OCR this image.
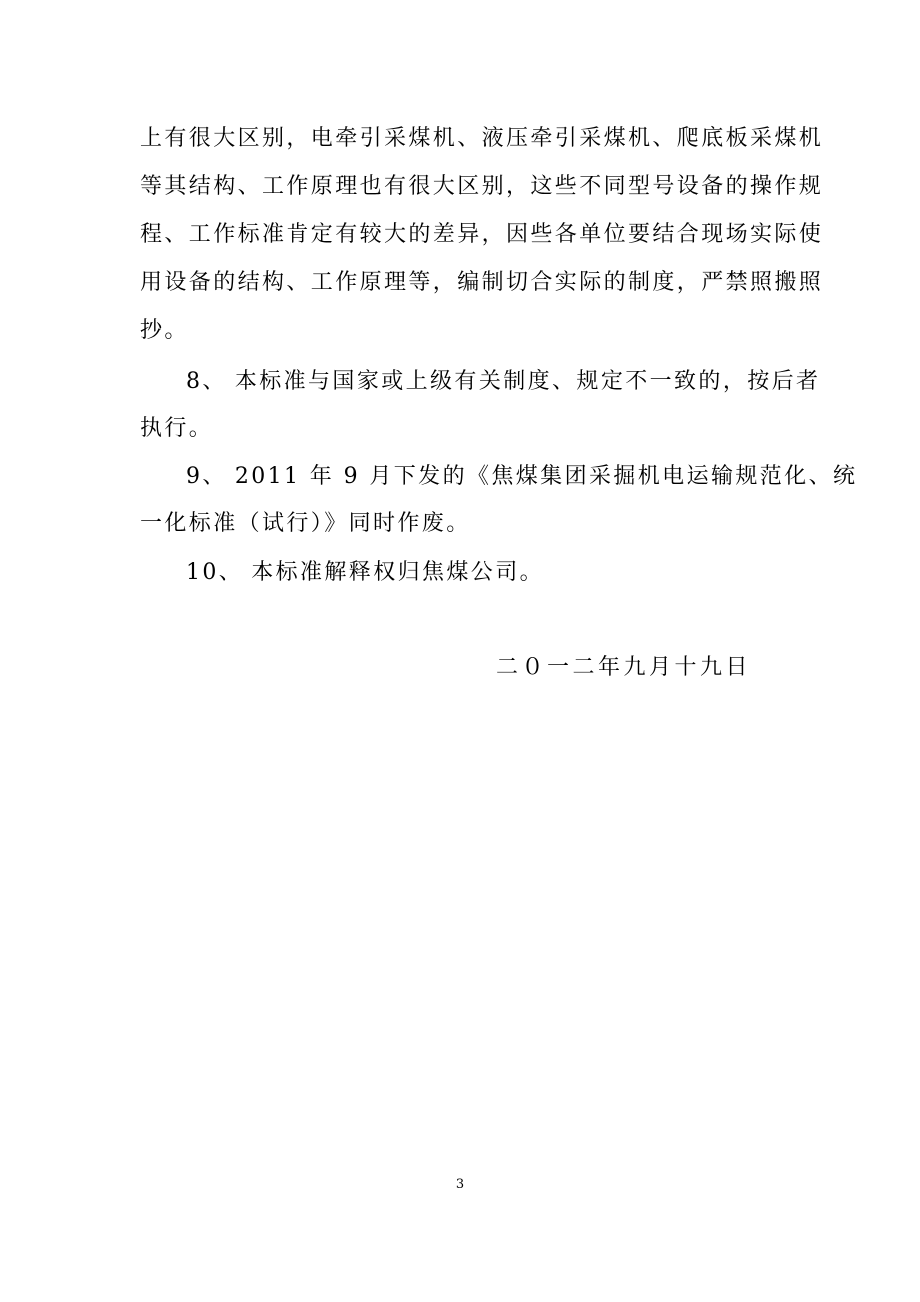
上有很大区别，电牵引采煤机、液压牵引采煤机、爬底板采煤机
等其结构、工作原理也有很大区别，这些不同型号设备的操作规
程、工作标准肯定有较大的差异，因些各单位要结合现场实际使
用设备的结构、工作原理等，编制切合实际的制度，严禁照搬照
抄。
8、 本标准与国家或上级有关制度、规定不一致的，按后者
执行。
9、 2011 年 9 月下发的《焦煤集团采掘机电运输规范化、统
一化标准（试行）》同时作废。
10、 本标准解释权归焦煤公司。
二０一二年九月十九日
3
